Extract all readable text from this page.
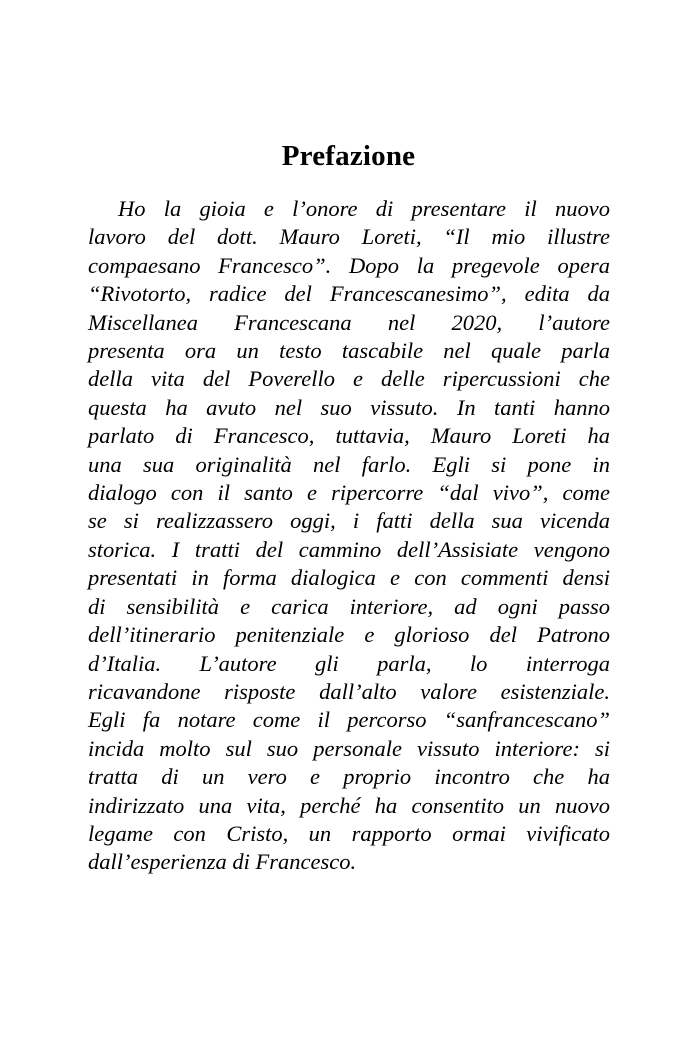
Prefazione
Ho la gioia e l’onore di presentare il nuovo
lavoro del dott. Mauro Loreti, “Il mio illustre
compaesano Francesco”. Dopo la pregevole opera
“Rivotorto, radice del Francescanesimo”, edita da
Miscellanea Francescana nel 2020, l’autore
presenta ora un testo tascabile nel quale parla
della vita del Poverello e delle ripercussioni che
questa ha avuto nel suo vissuto. In tanti hanno
parlato di Francesco, tuttavia, Mauro Loreti ha
una sua originalità nel farlo. Egli si pone in
dialogo con il santo e ripercorre “dal vivo”, come
se si realizzassero oggi, i fatti della sua vicenda
storica. I tratti del cammino dell’Assisiate vengono
presentati in forma dialogica e con commenti densi
di sensibilità e carica interiore, ad ogni passo
dell’itinerario penitenziale e glorioso del Patrono
d’Italia. L’autore gli parla, lo interroga
ricavandone risposte dall’alto valore esistenziale.
Egli fa notare come il percorso “sanfrancescano”
incida molto sul suo personale vissuto interiore: si
tratta di un vero e proprio incontro che ha
indirizzato una vita, perché ha consentito un nuovo
legame con Cristo, un rapporto ormai vivificato
dall’esperienza di Francesco.
